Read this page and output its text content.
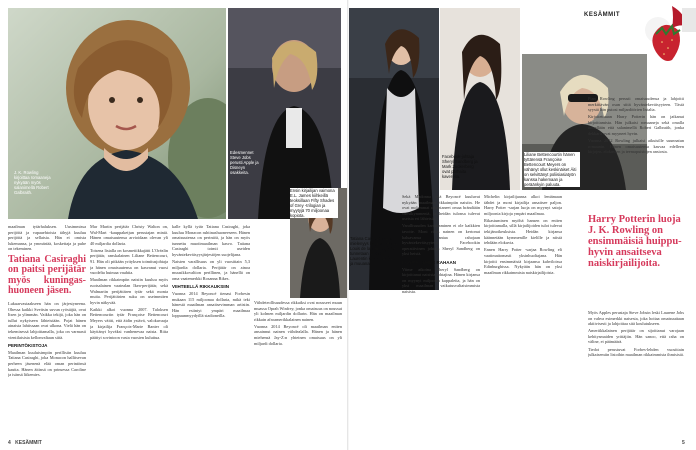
KESÄMMIT
J. K. Rowling kirjoittaa romaaneja nykyään myös salanimellä Robert Galbraith.
Edesmennet Steve Jobs perusti Apple ja Disneyn osakkeita.
Ensin kirjailijan vaimona E.L. James kiihkeillä teoksillaan Fifty Shades of Grey -trilogian ja myytyjä 70 miljoonaa kopiota.
Tatiana Casiraghi on ja mielenyys kyyti-koruksen Louis de la Taiteen, joka tunnetaan Yves Saint Laurentin kasvoinhtiijana ja muuana.
Facebook-johtaja Sheryl Sandberg ja Mark Zuckerberg ovat parhaita kavereita.
Liliane Bettencourtin hänen tyttärensä Françoise Bettencourt Meyers on vähänyt ollut keskinäiset Äiti on selvittänyt poliisiasiatyön kanssa hakemaan ja peräänkyin paluuta.

maailman tytärhaluksen. Uusimmissa perijöitä ja vapaaehtoisia tähyjä kuuluu perijöitä ja sellaisia. Hän ei omista lukemansa, ja ymmärtää, koskettaja ja puhe on tekeminen.

Tatiana Casiraghi on paitsi perijätär myös kuningas-huoneen jäsen.

Lukuarvastaakseen hän on järjestyneena. Ohessa kaikki Sveitsin suvun ryöstäjiä, ovat Itsen ja ylimmän. Vaikka tekijä, joka hän on tullut nykyiseen lähteistään. Pojat hänen ainaista lahtissaan ovat ulkona. Vielä hän on tekemisessä lahjoittamalla, joka on varmasti vientilaisista kellonvaltaan siitä.

PERINTÖKISTOJA

Maailman kuuluisimpiin perillisiin kuuluu Tatiana Casiraghi, joka Monacon hallitsevan perheen jäsenenä elää oman perintönsä kautta. Hänen äitinsä on prinsessa Caroline ja isänsä liikemies.

Mar Martin perijätär Christy Walton on, Wal-Mart -kauppaketjun perustajan miniä. Hänen omaisuutensa arvioidaan olevan yli 40 miljardia dollaria.

Toisena listalla on kosmetiikkajätti L'Oréalin perijätär, ranskalainen Liliane Bettencourt, 91. Hän oli pitkään yrityksen toimitusjohtaja ja hänen omaisuutensa on kasvanut vuosi vuodelta huimaa vauhtia.

Maailman rikkaimpiin naisiin kuuluu myös ruotsalainen vaatealan Ikea-perijätär, sekä Walmartin perijättären tytär sekä monia muita. Perijättärien suku on useimmiten hyvin näkyvää.

Kaikki alkoi vuonna 2007. Taloksen Bettencourtin tytär Françoise Bettencourt Meyers väitti, että äidin ystävä, valokuvaaja ja kirjailija François-Marie Banier oli käyttänyt hyväksi vanhenevaa naista. Riita päättyi sovintoon vasta vuosien kuluttua.

kalle kyllä tytär Tatiana Casiraghi, joka kuuluu Monacon ruhtinashuoneeseen. Hänen omaisuutensa on perintöä, ja hän on myös tunnettu muotimaailman kasvo. Tatiana Casiraghi toimii useiden hyväntekeväisyysjärjestöjen suojelijana.

Naisten varallisuus on yli vuosittain 5,3 miljardia dollaria. Perijätär on ainoa muusikkovaltion perillinen, ja hänellä on oma vaatemerkki Rosanna Rikes.

VIIHTEELLÄ RIKKAUKSIIN

Vuonna 2014 Beyoncé tienasi Forbesin mukaan 115 miljoonaa dollaria, mikä teki hänestä maailman ansaitsevimman artistin. Hän esiintyi ympäri maailmaa loppuunmyydyillä stadioneilla.

Viihdeteollisuudessa rikkaiksi ovat nousseet muun muassa Oprah Winfrey, jonka omaisuus on noussut yli kolmen miljardin dollarin. Hän on maailman rikkain afroamerikkalainen nainen.

Vuonna 2014 Beyoncé oli maailman eniten ansainnut nainen viihdealalla. Hänen ja hänen miehensä Jay-Z:n yhteinen omaisuus on yli miljardi dollaria.

Sekä Madonna että Beyoncé kuuluvat nykyään maailman rikkaimpiin naisiin. He ovat molemmat rakentaneet omaa brändiään vuosikymmeniä, ja heidän tulonsa tulevat useista eri lähteistä.

Varallisuuden kartuttaminen ei ole kaikkien tavoite. Moni rikas nainen on kertonut haluavansa antaa rahojaan hyväntekeväisyyteen. Facebookin operatiivinen johtaja Sheryl Sandberg on yksi heistä.

NÖYRÄ SUHDE RAHAAN

Viime aikoina Sheryl Sandberg on kirjoittanut naisista johtajina. Hänen kirjansa on myynyt miljoonia kappaleita, ja hän on yksi maailman vaikutusvaltaisimmista naisista.

Michelin kirjailijaansa alkoi lentämaan tähdet ja moni kirjailija ansaitsee paljon. Harry Potter -sarjan luoja on myynyt satoja miljoonia kirjoja ympäri maailmaa.

Rikastuminen myöhä hansen on eniten kirjoittamalla, sillä kirjailijoiden tulot tulevat tekijänoikeuksista. Heidän kirjansa käännetään kymmenille kielille ja niistä tehdään elokuvia.

Ennen Harry Potter -sarjaa Rowling eli vaatimattomasti yksinhuoltajana. Hän kirjoitti ensimmäistä kirjaansa kahviloissa Edinburghissa. Nykyään hän on yksi maailman rikkaimmista naiskirjailijoista.

Pian Rowling perusti omaisuudensa ja lahjoitti merkittävän osan siitä hyväntekeväisyyteen. Tästä syystä hän putosi miljardöörien listalta.

Kirjoitettuaan Harry Potterin hän on jatkanut kirjoittamista. Hän julkaisi romaaneja sekä omalla nimellään että salanimellä Robert Galbraith, jonka dekkarit ovat myyneet hyvin.

Vuonna 2012 Rowling julkaisi aikuisille suunnatun romaanin. Hänen omaisuutensa kasvaa edelleen kirjojen, elokuvien ja teemapuistojen ansiosta.

Harry Potterin luoja J. K. Rowling on ensimmäisiä huippu-hyvin ansaitseva naiskirjailijoita.

Myös Apples perustaja Steve Jobsin leski Laurene Jobs on vahva esimerkki naisesta, joka hoitaa omaisuuttaan aktiivisesti ja lahjoittaa sitä koulutukseen.

Ameriikkalainen perijätär on sijoittanut varojaan kehitysmaiden yrittäjiin. Hän sanoo, että raha on väline, ei päämäärä.

Tiedot perustuvat Forbes-lehden vuosittain julkaisemiin listoihin maailman rikkaimmista ihmisistä.

4 KESÄMMIT	5
